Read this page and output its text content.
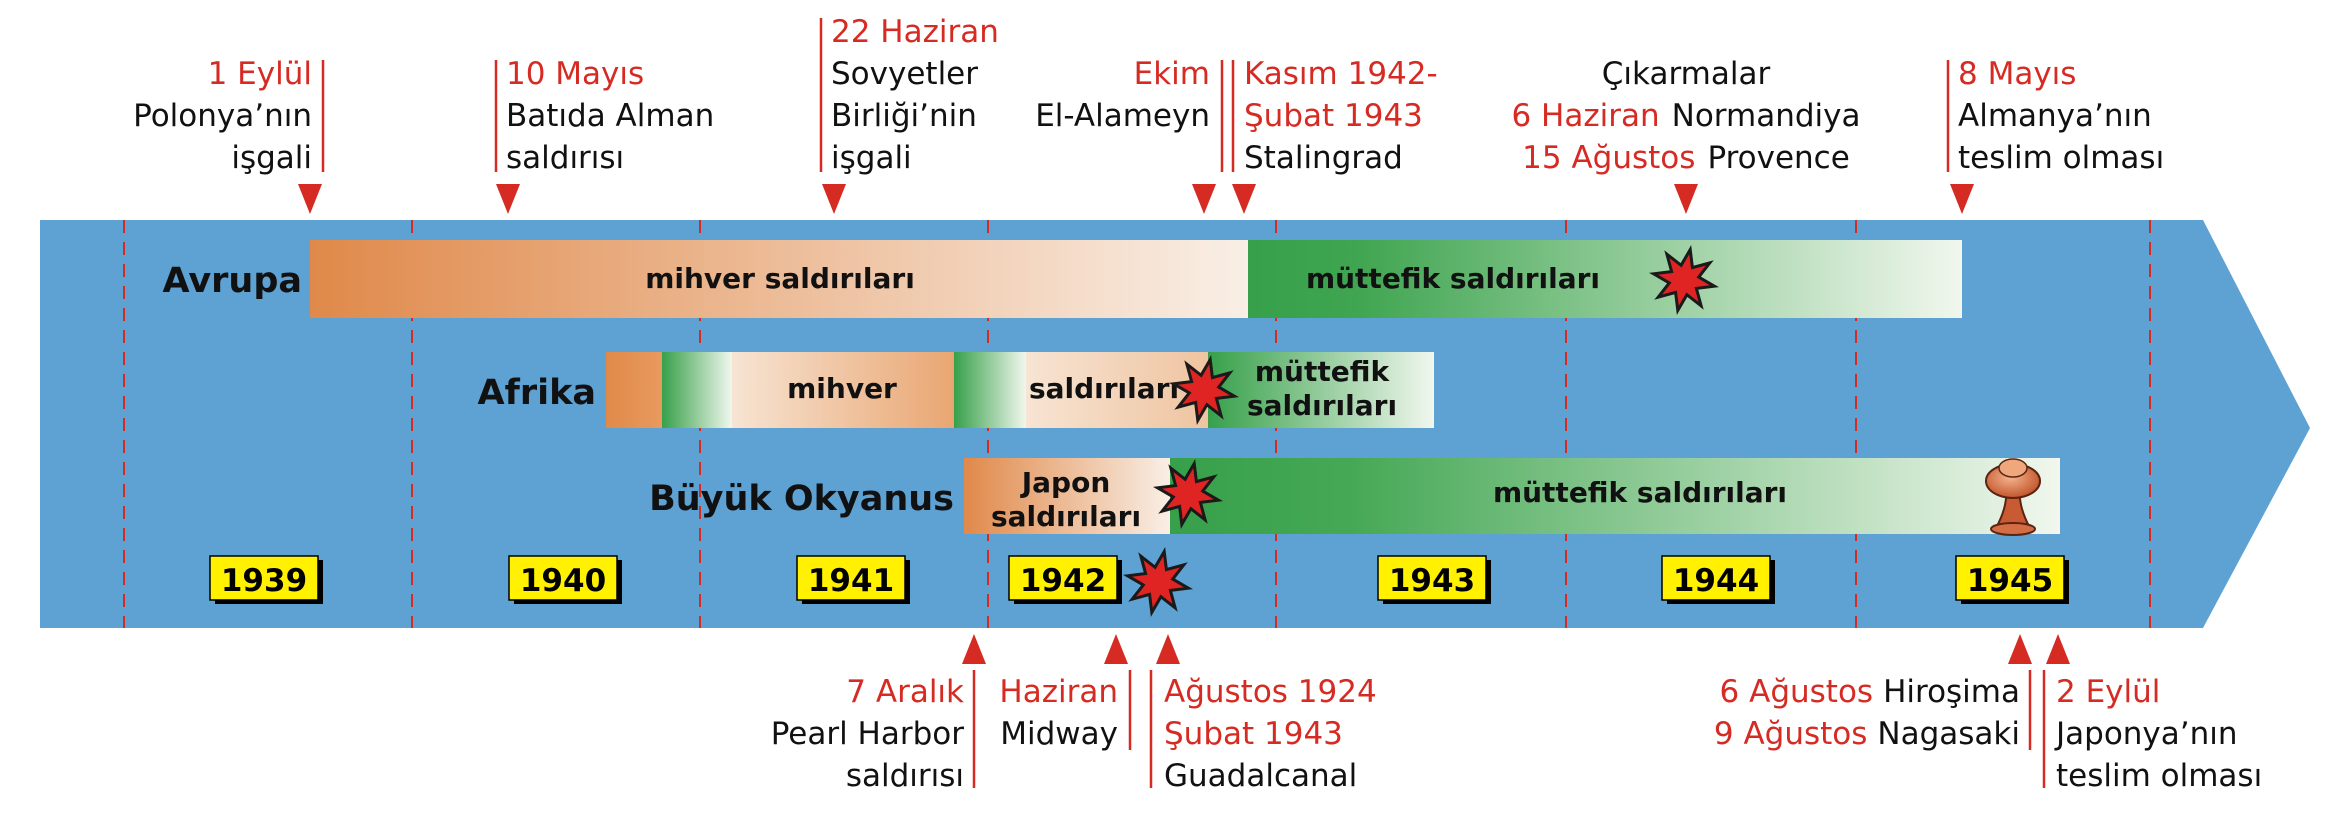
Avrupa	mihver saldırıları	müttefik saldırıları
Afrika	mihver	saldırıları
müttefik
saldırıları
Büyük Okyanus Japon
saldırıları
müttefik saldırıları
1939	1940	1941	1942	1943	1944	1945
1 Eylül
Polonya’nın
işgali
10 Mayıs
Batıda Alman
saldırısı
22 Haziran
Sovyetler
Birliği’nin
işgali
Ekim
El-Alameyn
Kasım 1942-
Şubat 1943
Stalingrad
Çıkarmalar
6 Haziran Normandiya
15 Ağustos Provence
8 Mayıs
Almanya’nın
teslim olması
7 Aralık
Pearl Harbor
saldırısı
Haziran
Midway
Ağustos 1924
Şubat 1943
Guadalcanal
6 Ağustos Hiroşima
9 Ağustos Nagasaki
2 Eylül
Japonya’nın
teslim olması
